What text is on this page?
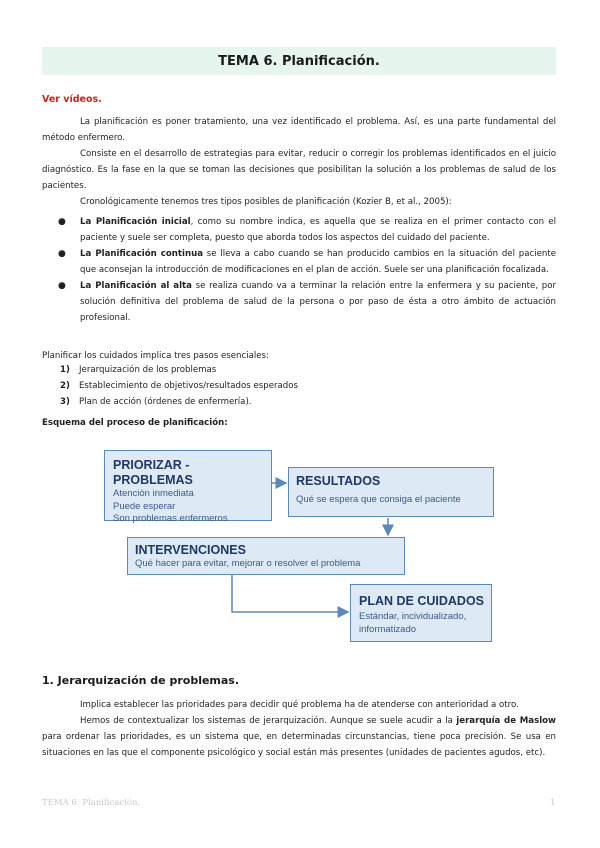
TEMA 6. Planificación.
Ver vídeos.
La planificación es poner tratamiento, una vez identificado el problema. Así, es una parte fundamental del método enfermero.
Consiste en el desarrollo de estrategias para evitar, reducir o corregir los problemas identificados en el juicio diagnóstico. Es la fase en la que se toman las decisiones que posibilitan la solución a los problemas de salud de los pacientes.
Cronológicamente tenemos tres tipos posibles de planificación (Kozier B, et al., 2005):
● La Planificación inicial, como su nombre indica, es aquella que se realiza en el primer contacto con el paciente y suele ser completa, puesto que aborda todos los aspectos del cuidado del paciente.
● La Planificación continua se lleva a cabo cuando se han producido cambios en la situación del paciente que aconsejan la introducción de modificaciones en el plan de acción. Suele ser una planificación focalizada.
● La Planificación al alta se realiza cuando va a terminar la relación entre la enfermera y su paciente, por solución definitiva del problema de salud de la persona o por paso de ésta a otro ámbito de actuación profesional.
Planificar los cuidados implica tres pasos esenciales:
1) Jerarquización de los problemas
2) Establecimiento de objetivos/resultados esperados
3) Plan de acción (órdenes de enfermería).
Esquema del proceso de planificación:
PRIORIZAR - PROBLEMAS
Atención inmediata
Puede esperar
Son problemas enfermeros
RESULTADOS
Qué se espera que consiga el paciente
INTERVENCIONES
Qué hacer para evitar, mejorar o resolver el problema
PLAN DE CUIDADOS
Estándar, incividualizado,
informatizado
1. Jerarquización de problemas.
Implica establecer las prioridades para decidir qué problema ha de atenderse con anterioridad a otro.
Hemos de contextualizar los sistemas de jerarquización. Aunque se suele acudir a la jerarquía de Maslow para ordenar las prioridades, es un sistema que, en determinadas circunstancias, tiene poca precisión. Se usa en situaciones en las que el componente psicológico y social están más presentes (unidades de pacientes agudos, etc).
TEMA 6. Planificación.	1
